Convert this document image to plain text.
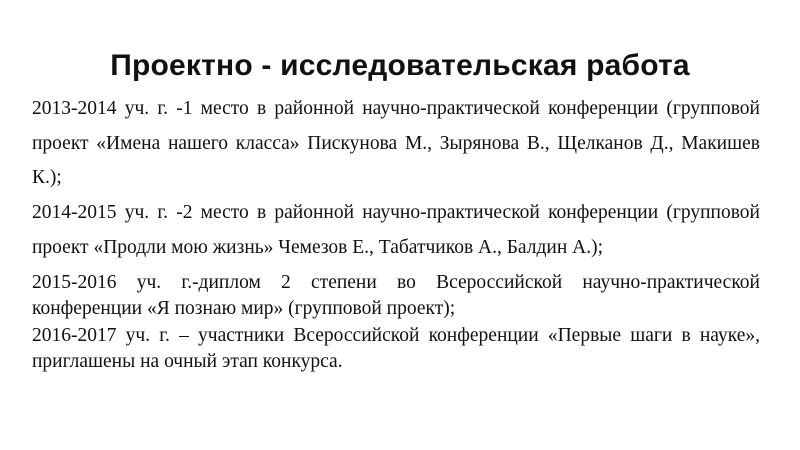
Проектно - исследовательская работа

2013-2014 уч. г. -1 место в районной научно-практической конференции (групповой проект «Имена нашего класса» Пискунова М., Зырянова В., Щелканов Д., Макишев К.);

2014-2015 уч. г. -2 место в районной научно-практической конференции (групповой проект «Продли мою жизнь» Чемезов Е., Табатчиков А., Балдин А.);

2015-2016 уч. г.-диплом 2 степени во Всероссийской научно-практической конференции «Я познаю мир» (групповой проект);

2016-2017 уч. г. – участники Всероссийской конференции «Первые шаги в науке», приглашены на очный этап конкурса.
